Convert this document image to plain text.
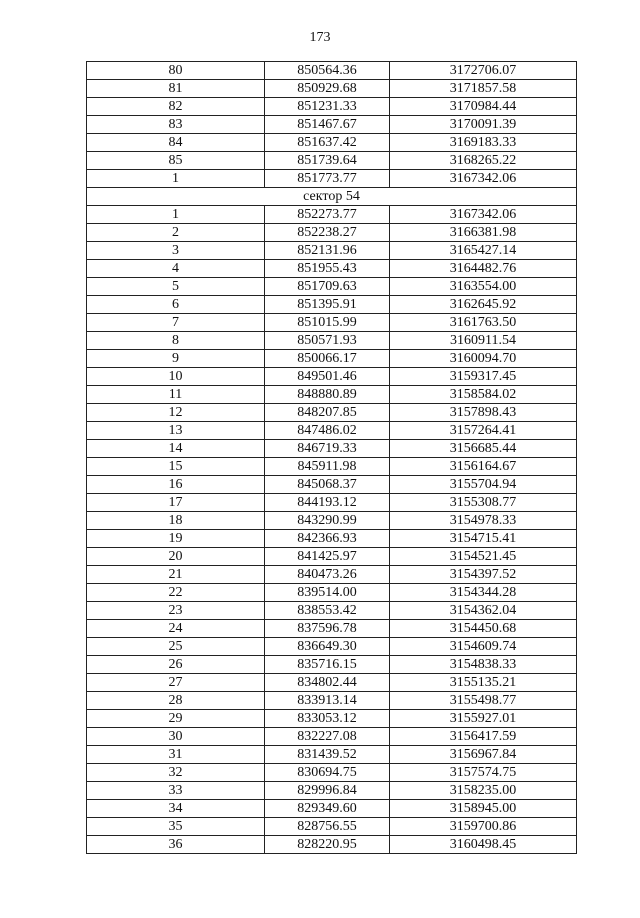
173
80	850564.36	3172706.07
81	850929.68	3171857.58
82	851231.33	3170984.44
83	851467.67	3170091.39
84	851637.42	3169183.33
85	851739.64	3168265.22
1	851773.77	3167342.06
сектор 54		
1	852273.77	3167342.06
2	852238.27	3166381.98
3	852131.96	3165427.14
4	851955.43	3164482.76
5	851709.63	3163554.00
6	851395.91	3162645.92
7	851015.99	3161763.50
8	850571.93	3160911.54
9	850066.17	3160094.70
10	849501.46	3159317.45
11	848880.89	3158584.02
12	848207.85	3157898.43
13	847486.02	3157264.41
14	846719.33	3156685.44
15	845911.98	3156164.67
16	845068.37	3155704.94
17	844193.12	3155308.77
18	843290.99	3154978.33
19	842366.93	3154715.41
20	841425.97	3154521.45
21	840473.26	3154397.52
22	839514.00	3154344.28
23	838553.42	3154362.04
24	837596.78	3154450.68
25	836649.30	3154609.74
26	835716.15	3154838.33
27	834802.44	3155135.21
28	833913.14	3155498.77
29	833053.12	3155927.01
30	832227.08	3156417.59
31	831439.52	3156967.84
32	830694.75	3157574.75
33	829996.84	3158235.00
34	829349.60	3158945.00
35	828756.55	3159700.86
36	828220.95	3160498.45
